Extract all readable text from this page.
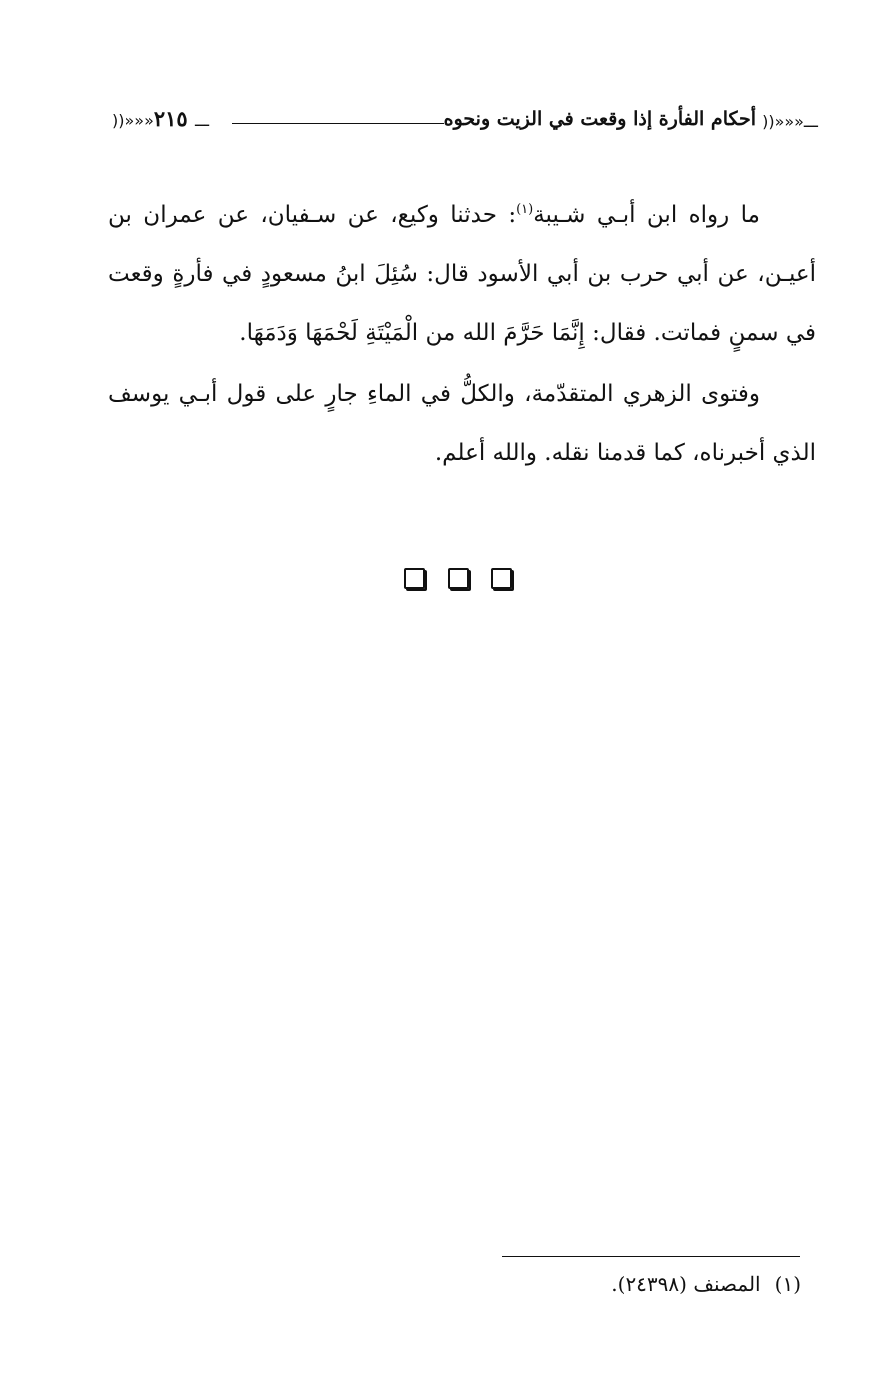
ـــ«««((
أحكام الفأرة إذا وقعت في الزيت ونحوه
))»»»ـــ ٢١٥

ما رواه ابن أبـي شـيبة$^{(١)}$: حدثنا وكيع، عن سـفيان، عن عمران بن أعيـن، عن أبي حرب بن أبي الأسود قال: سُئِلَ ابنُ مسعودٍ في فأرةٍ وقعت في سمنٍ فماتت. فقال: إِنَّمَا حَرَّمَ الله من الْمَيْتَةِ لَحْمَهَا وَدَمَهَا.

وفتوى الزهري المتقدّمة، والكلُّ في الماءِ جارٍ على قول أبـي يوسف الذي أخبرناه، كما قدمنا نقله. والله أعلم.

(١)المصنف (٢٤٣٩٨).
